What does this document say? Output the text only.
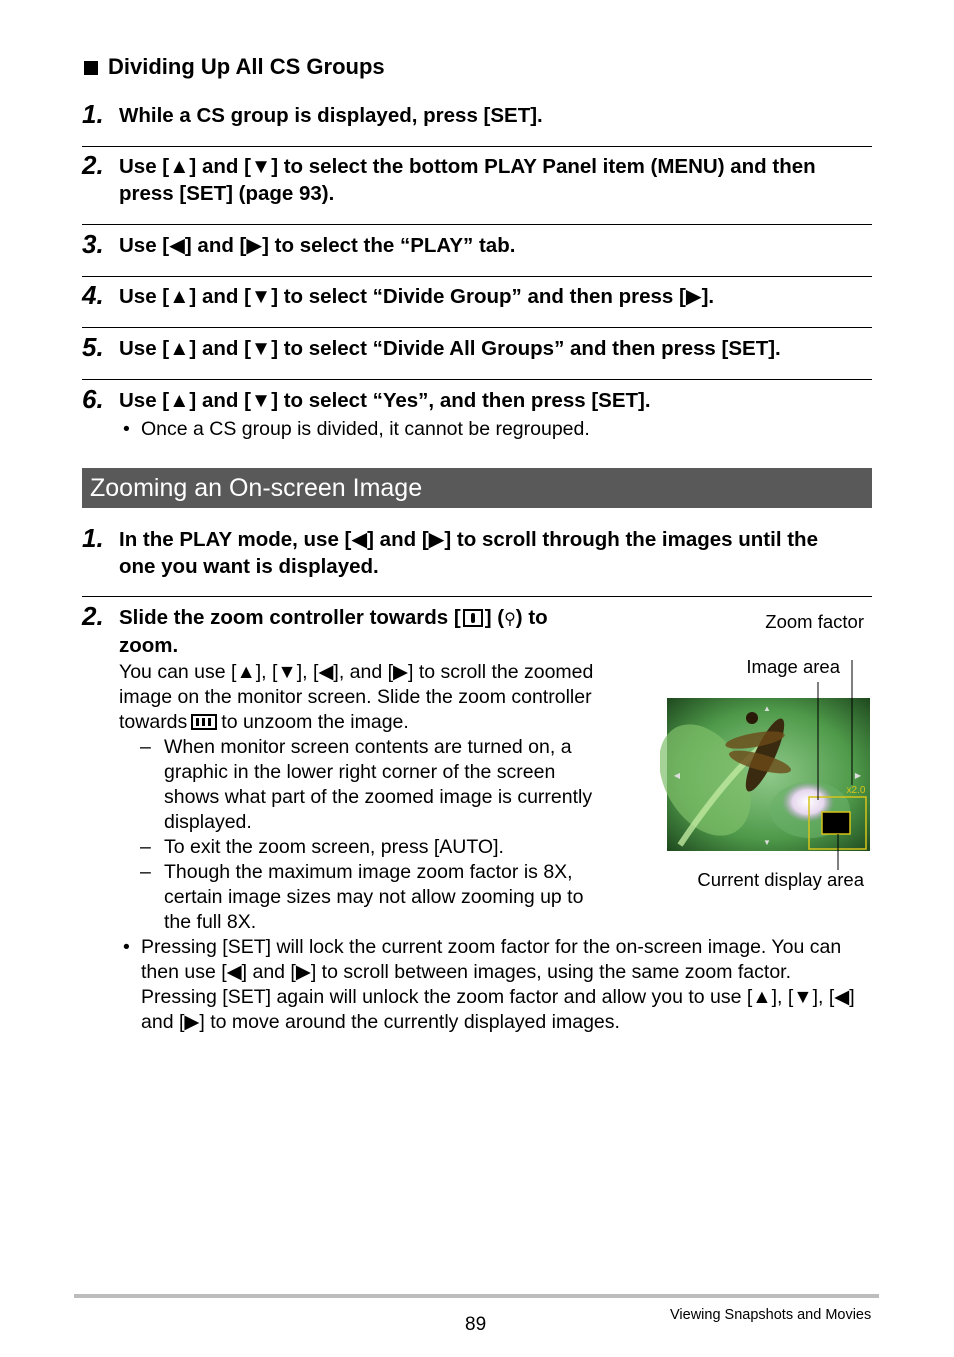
Dividing Up All CS Groups
1. While a CS group is displayed, press [SET].
2. Use [▲] and [▼] to select the bottom PLAY Panel item (MENU) and then press [SET] (page 93).
3. Use [◀] and [▶] to select the “PLAY” tab.
4. Use [▲] and [▼] to select “Divide Group” and then press [▶].
5. Use [▲] and [▼] to select “Divide All Groups” and then press [SET].
6. Use [▲] and [▼] to select “Yes”, and then press [SET].
• Once a CS group is divided, it cannot be regrouped.
Zooming an On-screen Image
1. In the PLAY mode, use [◀] and [▶] to scroll through the images until the one you want is displayed.
2. Slide the zoom controller towards [ ] (⚲) to zoom.
You can use [▲], [▼], [◀], and [▶] to scroll the zoomed image on the monitor screen. Slide the zoom controller towards to unzoom the image.
– When monitor screen contents are turned on, a graphic in the lower right corner of the screen shows what part of the zoomed image is currently displayed.
– To exit the zoom screen, press [AUTO].
– Though the maximum image zoom factor is 8X, certain image sizes may not allow zooming up to the full 8X.
Zoom factor
Image area
Current display area
▲
▼
◀	▶
x2.0
• Pressing [SET] will lock the current zoom factor for the on-screen image. You can then use [◀] and [▶] to scroll between images, using the same zoom factor. Pressing [SET] again will unlock the zoom factor and allow you to use [▲], [▼], [◀] and [▶] to move around the currently displayed images.
89	Viewing Snapshots and Movies
